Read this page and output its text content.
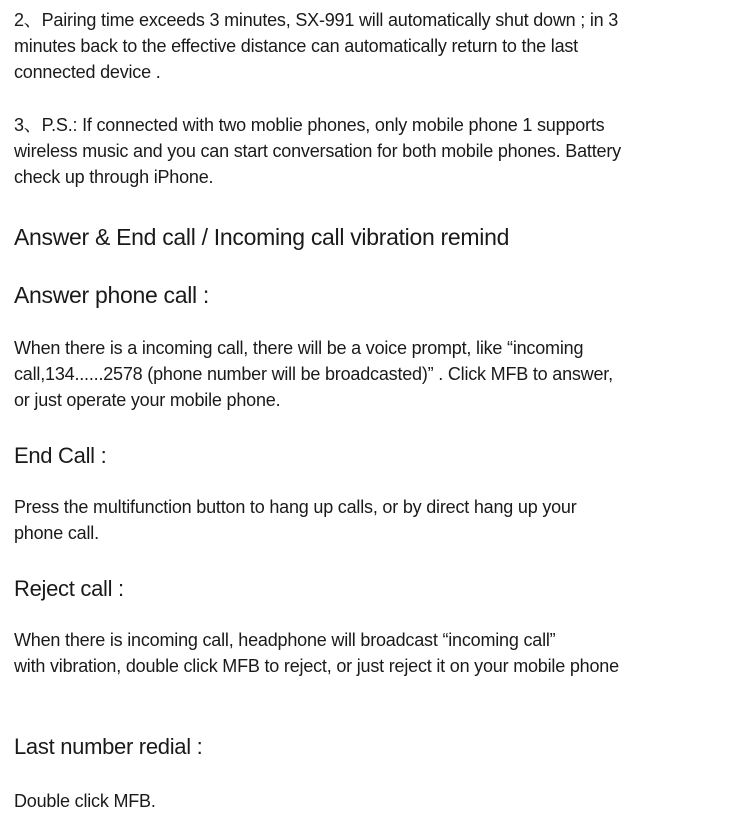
2、Pairing time exceeds 3 minutes, SX-991 will automatically shut down ; in 3
minutes back to the effective distance can automatically return to the last
connected device .

3、P.S.: If connected with two moblie phones, only mobile phone 1 supports
wireless music and you can start conversation for both mobile phones. Battery
check up through iPhone.

Answer & End call / Incoming call vibration remind
Answer phone call :

When there is a incoming call, there will be a voice prompt, like “incoming
call,134......2578 (phone number will be broadcasted)” . Click MFB to answer,
or just operate your mobile phone.

End Call :

Press the multifunction button to hang up calls, or by direct hang up your
phone call.

Reject call :

When there is incoming call, headphone will broadcast “incoming call”
with vibration, double click MFB to reject, or just reject it on your mobile phone

Last number redial :

Double click MFB.
